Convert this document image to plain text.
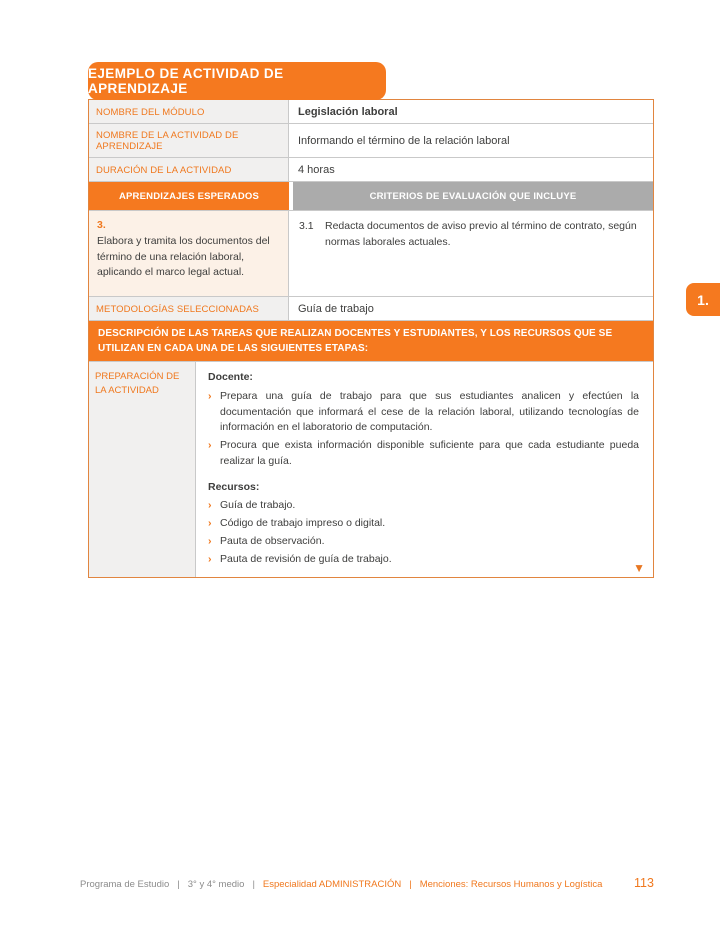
EJEMPLO DE ACTIVIDAD DE APRENDIZAJE
NOMBRE DEL MÓDULO	Legislación laboral
NOMBRE DE LA ACTIVIDAD DE APRENDIZAJE	Informando el término de la relación laboral
DURACIÓN DE LA ACTIVIDAD	4 horas
APRENDIZAJES ESPERADOS	CRITERIOS DE EVALUACIÓN QUE INCLUYE
3.
Elabora y tramita los documentos del término de una relación laboral, aplicando el marco legal actual.
3.1	Redacta documentos de aviso previo al término de contrato, según normas laborales actuales.
METODOLOGÍAS SELECCIONADAS	Guía de trabajo
DESCRIPCIÓN DE LAS TAREAS QUE REALIZAN DOCENTES Y ESTUDIANTES, Y LOS RECURSOS QUE SE UTILIZAN EN CADA UNA DE LAS SIGUIENTES ETAPAS:
PREPARACIÓN DE LA ACTIVIDAD
Docente:
› Prepara una guía de trabajo para que sus estudiantes analicen y efectúen la documentación que informará el cese de la relación laboral, utilizando tecnologías de información en el laboratorio de computación.
› Procura que exista información disponible suficiente para que cada estudiante pueda realizar la guía.
Recursos:
› Guía de trabajo.
› Código de trabajo impreso o digital.
› Pauta de observación.
› Pauta de revisión de guía de trabajo.
▼
1.
Programa de Estudio | 3° y 4° medio | Especialidad ADMINISTRACIÓN | Menciones: Recursos Humanos y Logística	113
